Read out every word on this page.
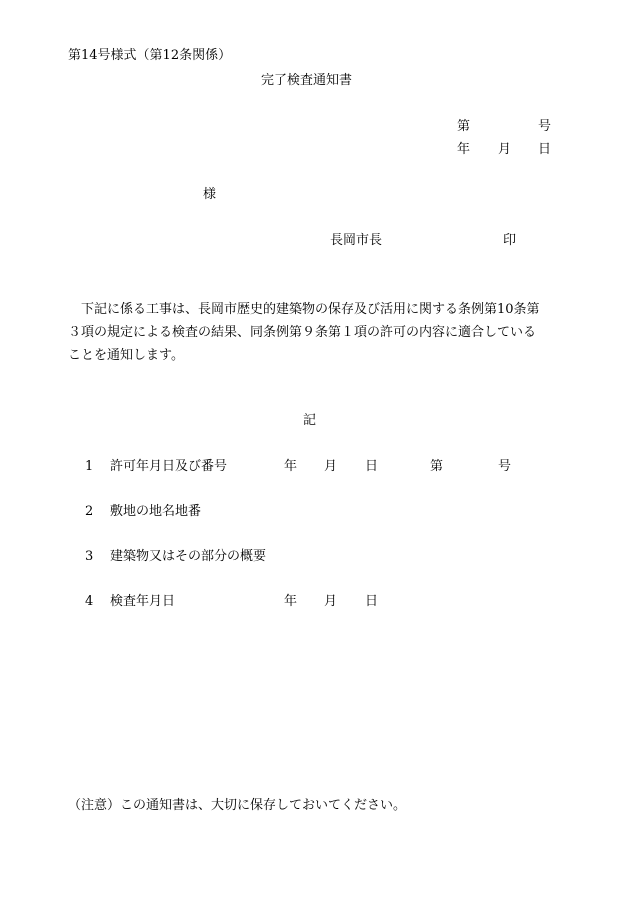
第14号様式（第12条関係）
完了検査通知書
第	号
年 月 日
様
長岡市長	印
下記に係る工事は、長岡市歴史的建築物の保存及び活用に関する条例第10条第
３項の規定による検査の結果、同条例第９条第１項の許可の内容に適合している
ことを通知します。
記
1 許可年月日及び番号	年 月 日	第	号
2 敷地の地名地番
3 建築物又はその部分の概要
4 検査年月日	年 月 日
（注意）この通知書は、大切に保存しておいてください。
